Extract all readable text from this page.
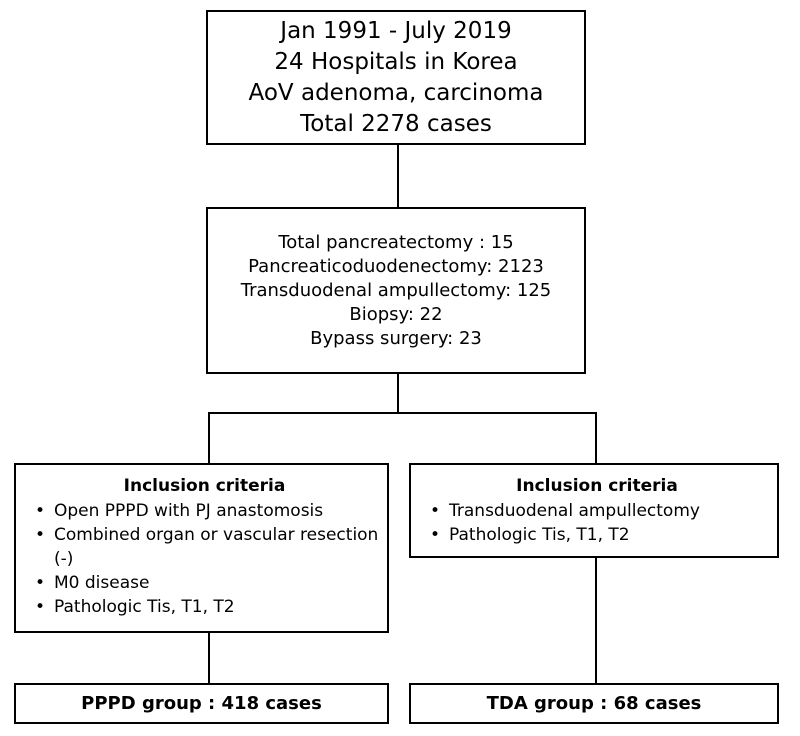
Jan 1991 - July 2019
24 Hospitals in Korea
AoV adenoma, carcinoma
Total 2278 cases
Total pancreatectomy : 15
Pancreaticoduodenectomy: 2123
Transduodenal ampullectomy: 125
Biopsy: 22
Bypass surgery: 23
Inclusion criteria
• Open PPPD with PJ anastomosis
• Combined organ or vascular resection (-)
• M0 disease
• Pathologic Tis, T1, T2
Inclusion criteria
• Transduodenal ampullectomy
• Pathologic Tis, T1, T2
PPPD group : 418 cases	TDA group : 68 cases
